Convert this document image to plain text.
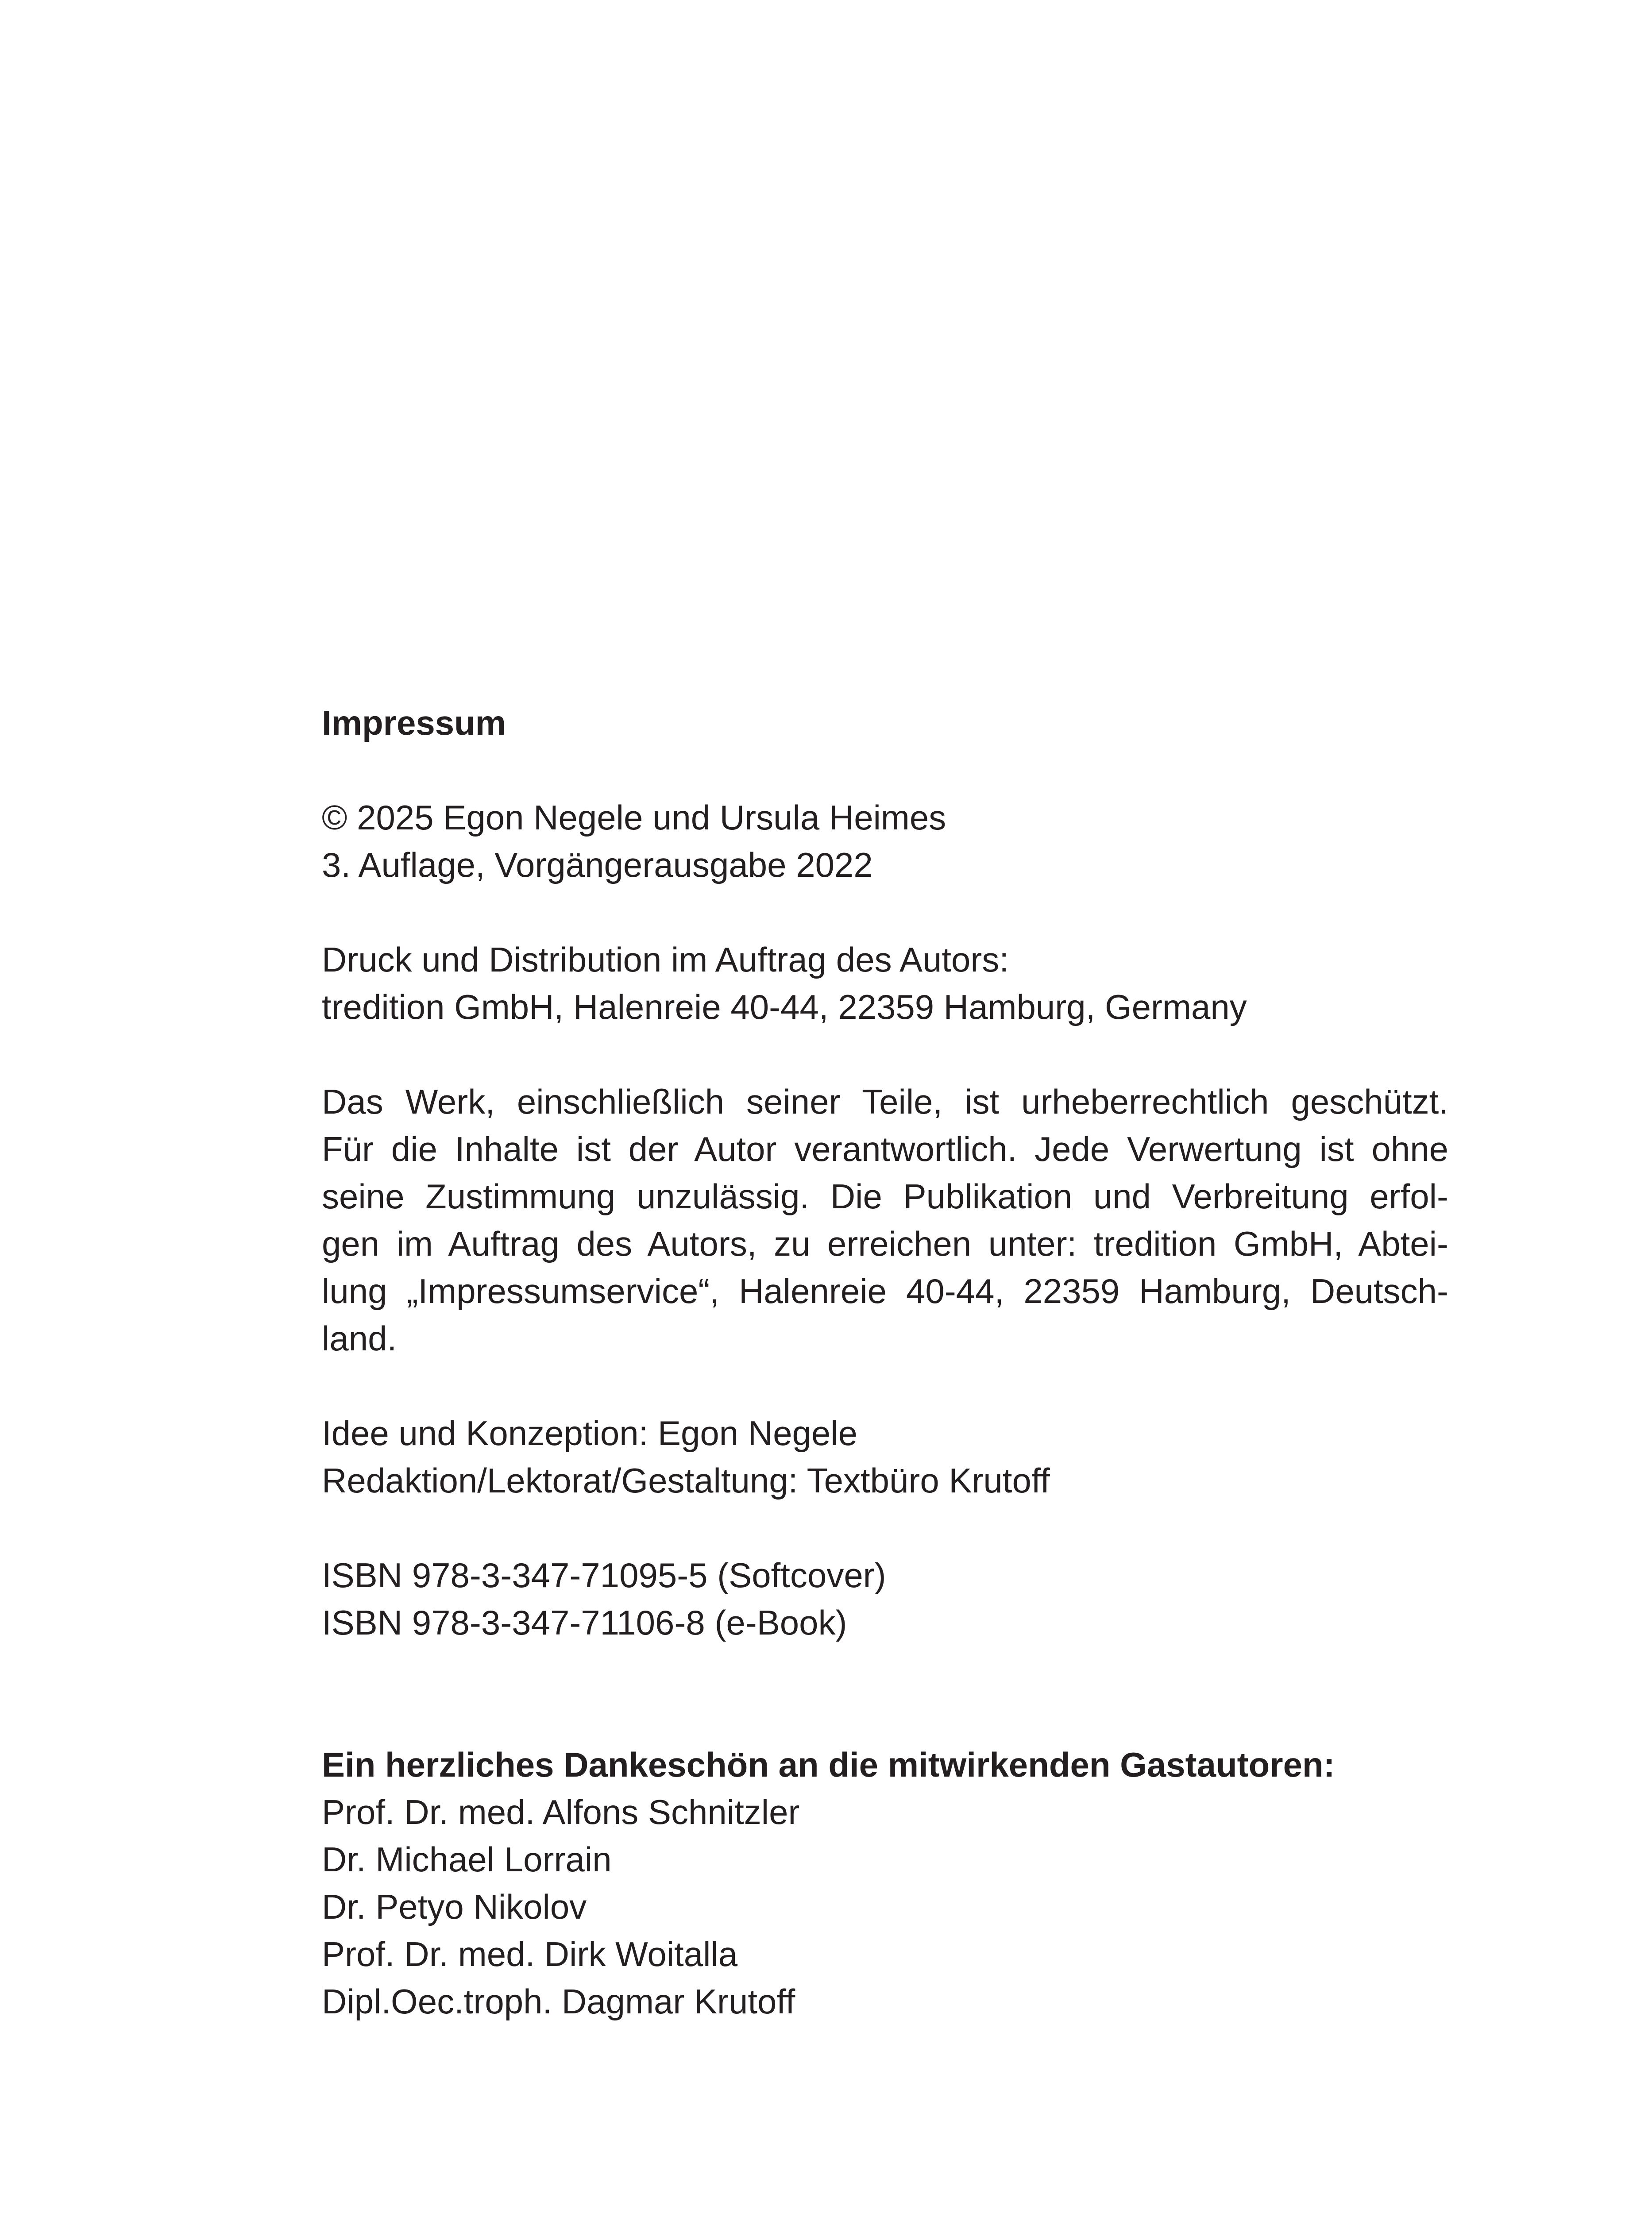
Impressum
© 2025 Egon Negele und Ursula Heimes
3. Auflage, Vorgängerausgabe 2022
Druck und Distribution im Auftrag des Autors:
tredition GmbH, Halenreie 40-44, 22359 Hamburg, Germany
Das Werk, einschließlich seiner Teile, ist urheberrechtlich geschützt.
Für die Inhalte ist der Autor verantwortlich. Jede Verwertung ist ohne
seine Zustimmung unzulässig. Die Publikation und Verbreitung erfol-
gen im Auftrag des Autors, zu erreichen unter: tredition GmbH, Abtei-
lung „Impressumservice“, Halenreie 40-44, 22359 Hamburg, Deutsch-
land.
Idee und Konzeption: Egon Negele
Redaktion/Lektorat/Gestaltung: Textbüro Krutoff
ISBN 978-3-347-71095-5 (Softcover)
ISBN 978-3-347-71106-8 (e-Book)
Ein herzliches Dankeschön an die mitwirkenden Gastautoren:
Prof. Dr. med. Alfons Schnitzler
Dr. Michael Lorrain
Dr. Petyo Nikolov
Prof. Dr. med. Dirk Woitalla
Dipl.Oec.troph. Dagmar Krutoff
